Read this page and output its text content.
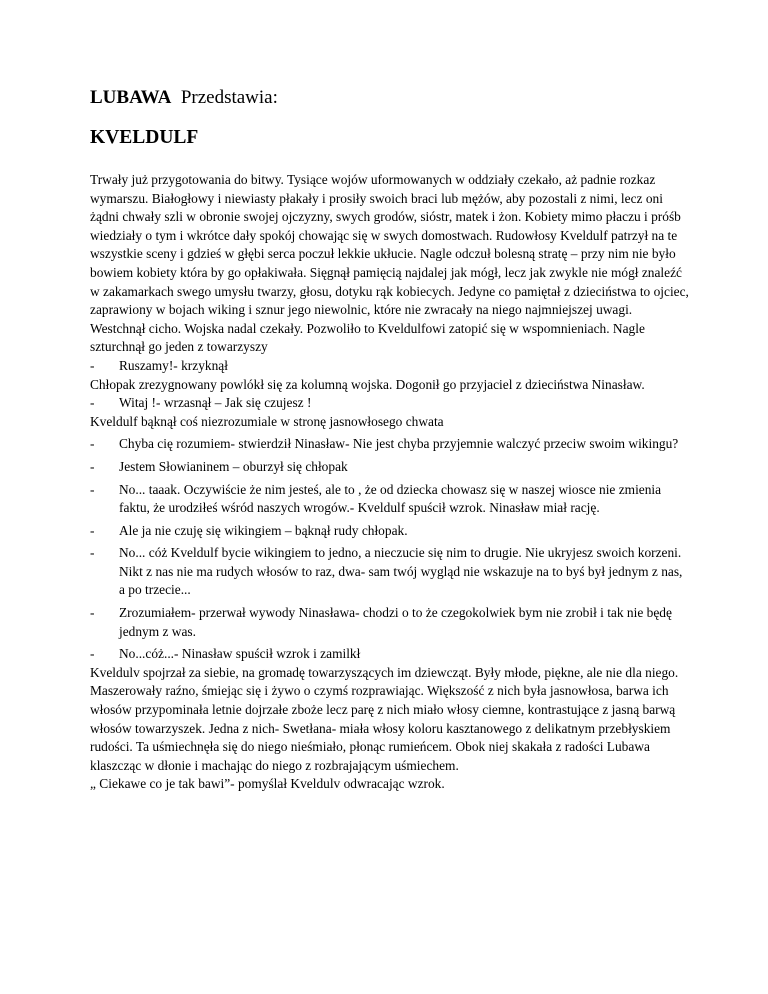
LUBAWA Przedstawia:
KVELDULF

Trwały już przygotowania do bitwy. Tysiące wojów uformowanych w oddziały czekało, aż padnie rozkaz wymarszu. Białogłowy i niewiasty płakały i prosiły swoich braci lub mężów, aby pozostali z nimi, lecz oni żądni chwały szli w obronie swojej ojczyzny, swych grodów, sióstr, matek i żon. Kobiety mimo płaczu i próśb wiedziały o tym i wkrótce dały spokój chowając się w swych domostwach. Rudowłosy Kveldulf patrzył na te wszystkie sceny i gdzieś w głębi serca poczuł lekkie ukłucie. Nagle odczuł bolesną stratę – przy nim nie było bowiem kobiety która by go opłakiwała. Sięgnął pamięcią najdalej jak mógł, lecz jak zwykle nie mógł znaleźć w zakamarkach swego umysłu twarzy, głosu, dotyku rąk kobiecych. Jedyne co pamiętał z dzieciństwa to ojciec, zaprawiony w bojach wiking i sznur jego niewolnic, które nie zwracały na niego najmniejszej uwagi. Westchnął cicho. Wojska nadal czekały. Pozwoliło to Kveldulfowi zatopić się w wspomnieniach. Nagle szturchnął go jeden z towarzyszy

-	Ruszamy!- krzyknął

Chłopak zrezygnowany powlókł się za kolumną wojska. Dogonił go przyjaciel z dzieciństwa Ninasław.

-	Witaj !- wrzasnął – Jak się czujesz !

Kveldulf bąknął coś niezrozumiale w stronę jasnowłosego chwata

-	Chyba cię rozumiem- stwierdził Ninasław- Nie jest chyba przyjemnie walczyć przeciw swoim wikingu?
-	Jestem Słowianinem – oburzył się chłopak
-	No... taaak. Oczywiście że nim jesteś, ale to , że od dziecka chowasz się w naszej wiosce nie zmienia faktu, że urodziłeś wśród naszych wrogów.- Kveldulf spuścił wzrok. Ninasław miał rację.
-	Ale ja nie czuję się wikingiem – bąknął rudy chłopak.
-	No... cóż Kveldulf bycie wikingiem to jedno, a nieczucie się nim to drugie. Nie ukryjesz swoich korzeni. Nikt z nas nie ma rudych włosów to raz, dwa- sam twój wygląd nie wskazuje na to byś był jednym z nas, a po trzecie...
-	Zrozumiałem- przerwał wywody Ninasława- chodzi o to że czegokolwiek bym nie zrobił i tak nie będę jednym z was.
-	No...cóż...- Ninasław spuścił wzrok i zamilkł

Kveldulv spojrzał za siebie, na gromadę towarzyszących im dziewcząt. Były młode, piękne, ale nie dla niego. Maszerowały raźno, śmiejąc się i żywo o czymś rozprawiając. Większość z nich była jasnowłosa, barwa ich włosów przypominała letnie dojrzałe zboże lecz parę z nich miało włosy ciemne, kontrastujące z jasną barwą włosów towarzyszek. Jedna z nich- Swetłana- miała włosy koloru kasztanowego z delikatnym przebłyskiem rudości. Ta uśmiechnęła się do niego nieśmiało, płonąc rumieńcem. Obok niej skakała z radości Lubawa klaszcząc w dłonie i machając do niego z rozbrajającym uśmiechem.

„ Ciekawe co je tak bawi”- pomyślał Kveldulv odwracając wzrok.
